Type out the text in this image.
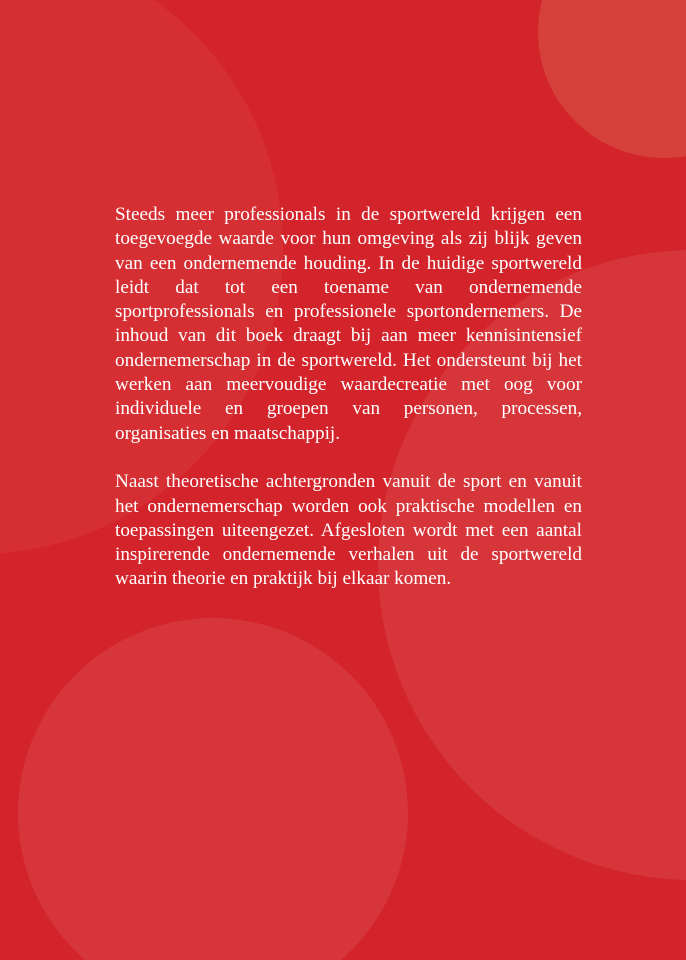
Steeds meer professionals in de sportwereld krijgen een toegevoegde waarde voor hun omgeving als zij blijk geven van een ondernemende houding. In de huidige sportwereld leidt dat tot een toename van ondernemende sportprofessionals en professionele sportondernemers. De inhoud van dit boek draagt bij aan meer kennisintensief ondernemerschap in de sportwereld. Het ondersteunt bij het werken aan meervoudige waardecreatie met oog voor individuele en groepen van personen, processen, organisaties en maatschappij.

Naast theoretische achtergronden vanuit de sport en vanuit het ondernemerschap worden ook praktische modellen en toepassingen uiteengezet. Afgesloten wordt met een aantal inspirerende ondernemende verhalen uit de sportwereld waarin theorie en praktijk bij elkaar komen.
